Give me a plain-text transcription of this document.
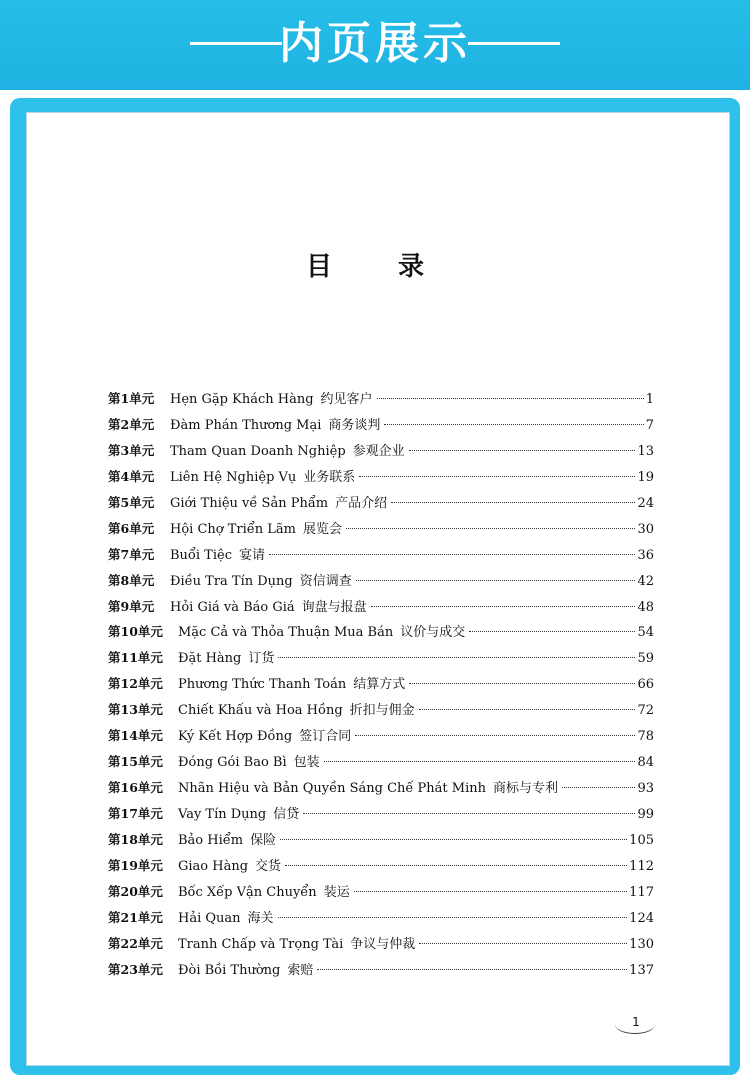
内页展示
目　录
第1单元	Hẹn Gặp Khách Hàng 约见客户	1
第2单元	Đàm Phán Thương Mại 商务谈判	7
第3单元	Tham Quan Doanh Nghiệp 参观企业	13
第4单元	Liên Hệ Nghiệp Vụ 业务联系	19
第5单元	Giới Thiệu về Sản Phẩm 产品介绍	24
第6单元	Hội Chợ Triển Lãm 展览会	30
第7单元	Buổi Tiệc 宴请	36
第8单元	Điều Tra Tín Dụng 资信调查	42
第9单元	Hỏi Giá và Báo Giá 询盘与报盘	48
第10单元	Mặc Cả và Thỏa Thuận Mua Bán 议价与成交	54
第11单元	Đặt Hàng 订货	59
第12单元	Phương Thức Thanh Toán 结算方式	66
第13单元	Chiết Khấu và Hoa Hồng 折扣与佣金	72
第14单元	Ký Kết Hợp Đồng 签订合同	78
第15单元	Đóng Gói Bao Bì 包装	84
第16单元	Nhãn Hiệu và Bản Quyền Sáng Chế Phát Minh 商标与专利	93
第17单元	Vay Tín Dụng 信贷	99
第18单元	Bảo Hiểm 保险	105
第19单元	Giao Hàng 交货	112
第20单元	Bốc Xếp Vận Chuyển 装运	117
第21单元	Hải Quan 海关	124
第22单元	Tranh Chấp và Trọng Tài 争议与仲裁	130
第23单元	Đòi Bồi Thường 索赔	137
1
